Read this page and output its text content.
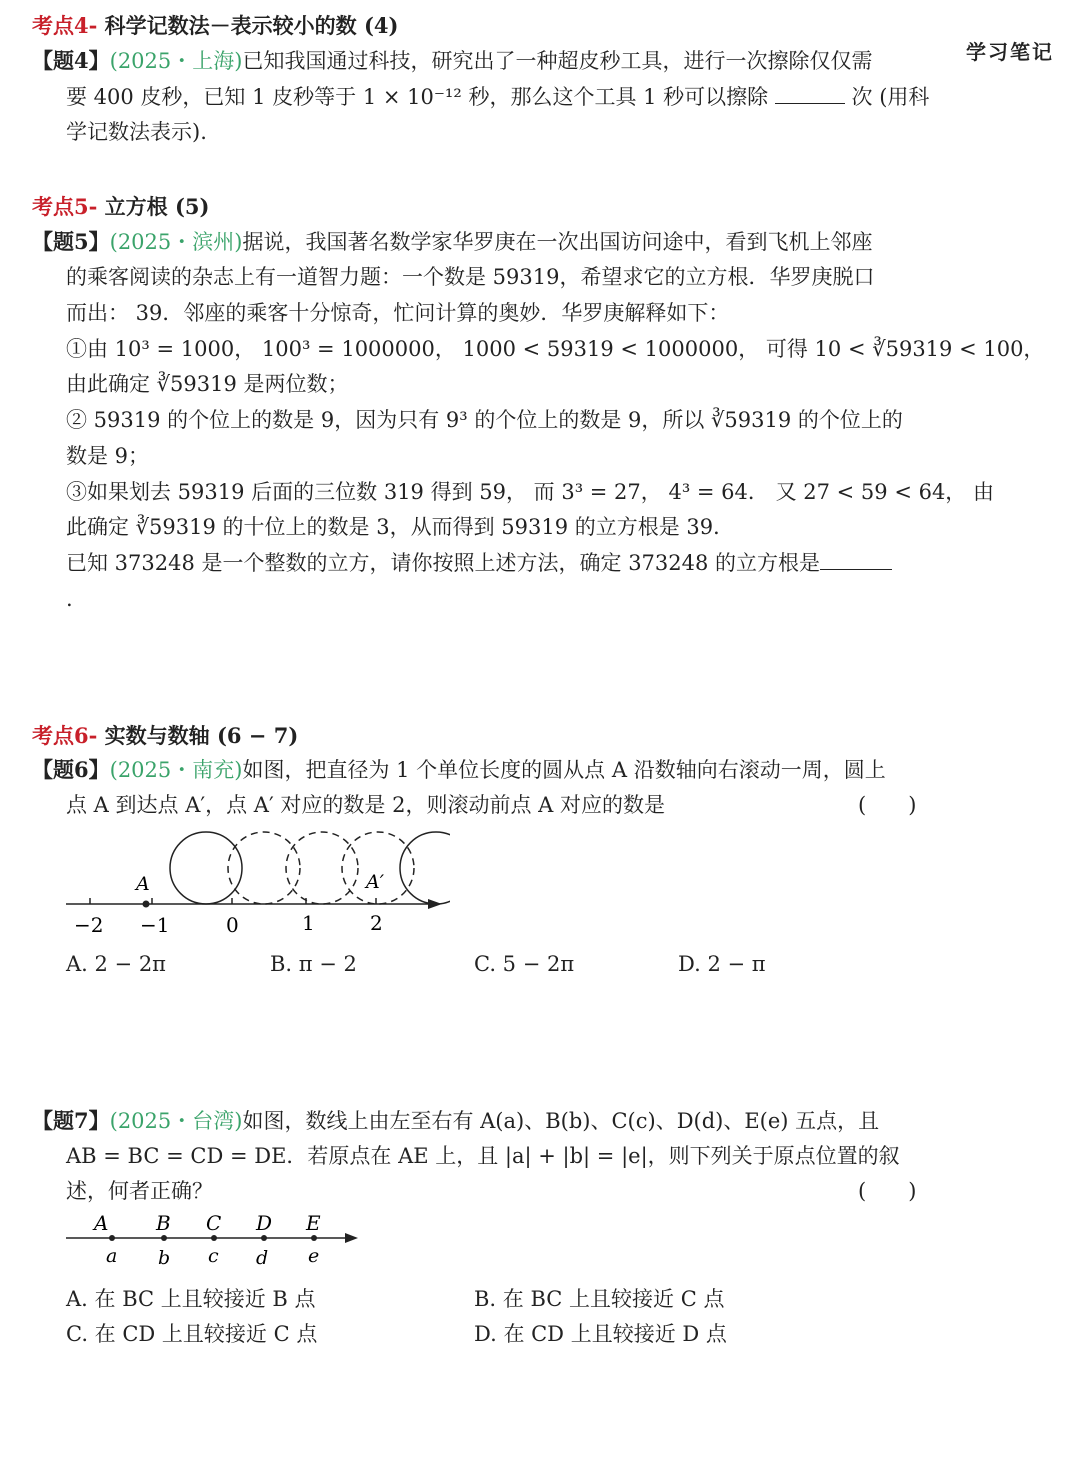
学习笔记
考点4- 科学记数法－表示较小的数 (4)
【题4】(2025・上海)已知我国通过科技，研究出了一种超皮秒工具，进行一次擦除仅仅需
要 400 皮秒，已知 1 皮秒等于 1 × 10⁻¹² 秒，那么这个工具 1 秒可以擦除	次 (用科
学记数法表示).
考点5- 立方根 (5)
【题5】(2025・滨州)据说，我国著名数学家华罗庚在一次出国访问途中，看到飞机上邻座
的乘客阅读的杂志上有一道智力题：一个数是 59319，希望求它的立方根．华罗庚脱口
而出： 39．邻座的乘客十分惊奇，忙问计算的奥妙．华罗庚解释如下：
①由 10³ = 1000， 100³ = 1000000， 1000 < 59319 < 1000000， 可得 10 < ∛59319 < 100，
由此确定 ∛59319 是两位数；
② 59319 的个位上的数是 9，因为只有 9³ 的个位上的数是 9，所以 ∛59319 的个位上的
数是 9；
③如果划去 59319 后面的三位数 319 得到 59， 而 3³ = 27， 4³ = 64． 又 27 < 59 < 64， 由
此确定 ∛59319 的十位上的数是 3，从而得到 59319 的立方根是 39．
已知 373248 是一个整数的立方，请你按照上述方法，确定 373248 的立方根是
.
考点6- 实数与数轴 (6 − 7)
【题6】(2025・南充)如图，把直径为 1 个单位长度的圆从点 A 沿数轴向右滚动一周，圆上
点 A 到达点 A′，点 A′ 对应的数是 2，则滚动前点 A 对应的数是	(　　)
A	A′
−2 −1	0	1	2
A. 2 − 2π	B. π − 2	C. 5 − 2π	D. 2 − π
【题7】(2025・台湾)如图，数线上由左至右有 A(a)、B(b)、C(c)、D(d)、E(e) 五点，且
AB = BC = CD = DE．若原点在 AE 上，且 |a| + |b| = |e|，则下列关于原点位置的叙
述，何者正确？	(　　)
A B C D E
a b c d e
A. 在 BC 上且较接近 B 点	B. 在 BC 上且较接近 C 点
C. 在 CD 上且较接近 C 点	D. 在 CD 上且较接近 D 点
